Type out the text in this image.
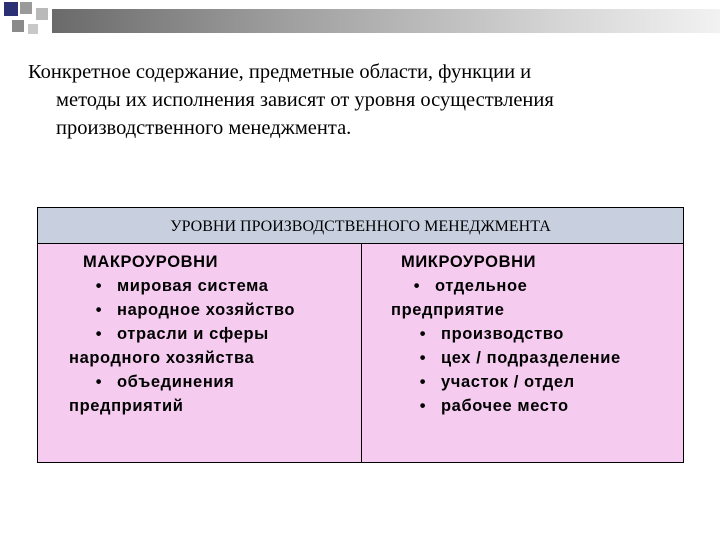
Конкретное содержание, предметные области, функции и
методы их исполнения зависят от уровня осуществления
производственного менеджмента.
УРОВНИ ПРОИЗВОДСТВЕННОГО МЕНЕДЖМЕНТА
МАКРОУРОВНИ
• мировая система
• народное хозяйство
• отрасли и сферы
народного хозяйства
• объединения
предприятий
МИКРОУРОВНИ
• отдельное
предприятие
• производство
• цех / подразделение
• участок / отдел
• рабочее место
